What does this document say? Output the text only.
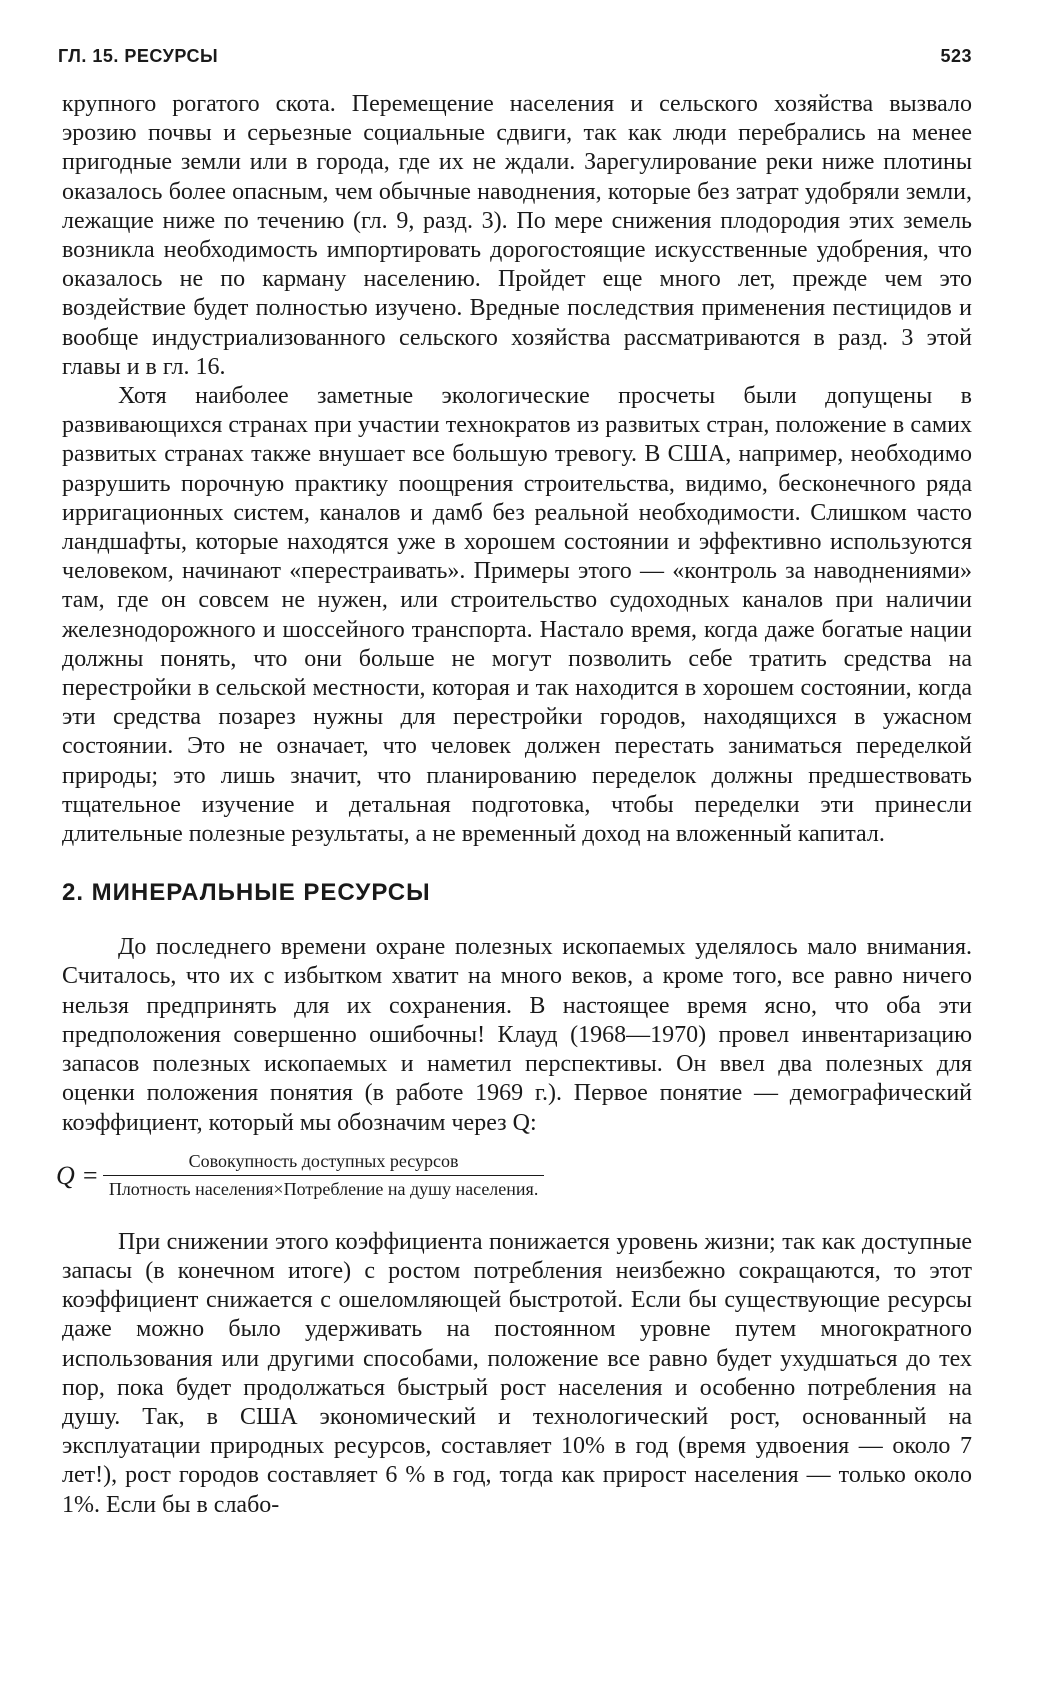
ГЛ. 15. РЕСУРСЫ	523

крупного рогатого скота. Перемещение населения и сельского хозяйства вызвало эрозию почвы и серьезные социальные сдвиги, так как люди перебрались на менее пригодные земли или в города, где их не ждали. Зарегулирование реки ниже плотины оказалось более опасным, чем обычные наводнения, которые без затрат удобряли земли, лежащие ниже по течению (гл. 9, разд. 3). По мере снижения плодородия этих земель возникла необходимость импортировать дорогостоящие искусственные удобрения, что оказалось не по карману населению. Пройдет еще много лет, прежде чем это воздействие будет полностью изучено. Вредные последствия применения пестицидов и вообще индустриализованного сельского хозяйства рассматриваются в разд. 3 этой главы и в гл. 16.

Хотя наиболее заметные экологические просчеты были допущены в развивающихся странах при участии технократов из развитых стран, положение в самих развитых странах также внушает все большую тревогу. В США, например, необходимо разрушить порочную практику поощрения строительства, видимо, бесконечного ряда ирригационных систем, каналов и дамб без реальной необходимости. Слишком часто ландшафты, которые находятся уже в хорошем состоянии и эффективно используются человеком, начинают «перестраивать». Примеры этого — «контроль за наводнениями» там, где он совсем не нужен, или строительство судоходных каналов при наличии железнодорожного и шоссейного транспорта. Настало время, когда даже богатые нации должны понять, что они больше не могут позволить себе тратить средства на перестройки в сельской местности, которая и так находится в хорошем состоянии, когда эти средства позарез нужны для перестройки городов, находящихся в ужасном состоянии. Это не означает, что человек должен перестать заниматься переделкой природы; это лишь значит, что планированию переделок должны предшествовать тщательное изучение и детальная подготовка, чтобы переделки эти принесли длительные полезные результаты, а не временный доход на вложенный капитал.

2. МИНЕРАЛЬНЫЕ РЕСУРСЫ

До последнего времени охране полезных ископаемых уделялось мало внимания. Считалось, что их с избытком хватит на много веков, а кроме того, все равно ничего нельзя предпринять для их сохранения. В настоящее время ясно, что оба эти предположения совершенно ошибочны! Клауд (1968—1970) провел инвентаризацию запасов полезных ископаемых и наметил перспективы. Он ввел два полезных для оценки положения понятия (в работе 1969 г.). Первое понятие — демографический коэффициент, который мы обозначим через Q:

$Q = \frac{\text{Совокупность доступных ресурсов}}{\text{Плотность населения×Потребление на душу населения.}}$

При снижении этого коэффициента понижается уровень жизни; так как доступные запасы (в конечном итоге) с ростом потребления неизбежно сокращаются, то этот коэффициент снижается с ошеломляющей быстротой. Если бы существующие ресурсы даже можно было удерживать на постоянном уровне путем многократного использования или другими способами, положение все равно будет ухудшаться до тех пор, пока будет продолжаться быстрый рост населения и особенно потребления на душу. Так, в США экономический и технологический рост, основанный на эксплуатации природных ресурсов, составляет 10% в год (время удвоения — около 7 лет!), рост городов составляет 6 % в год, тогда как прирост населения — только около 1%. Если бы в слабо-
